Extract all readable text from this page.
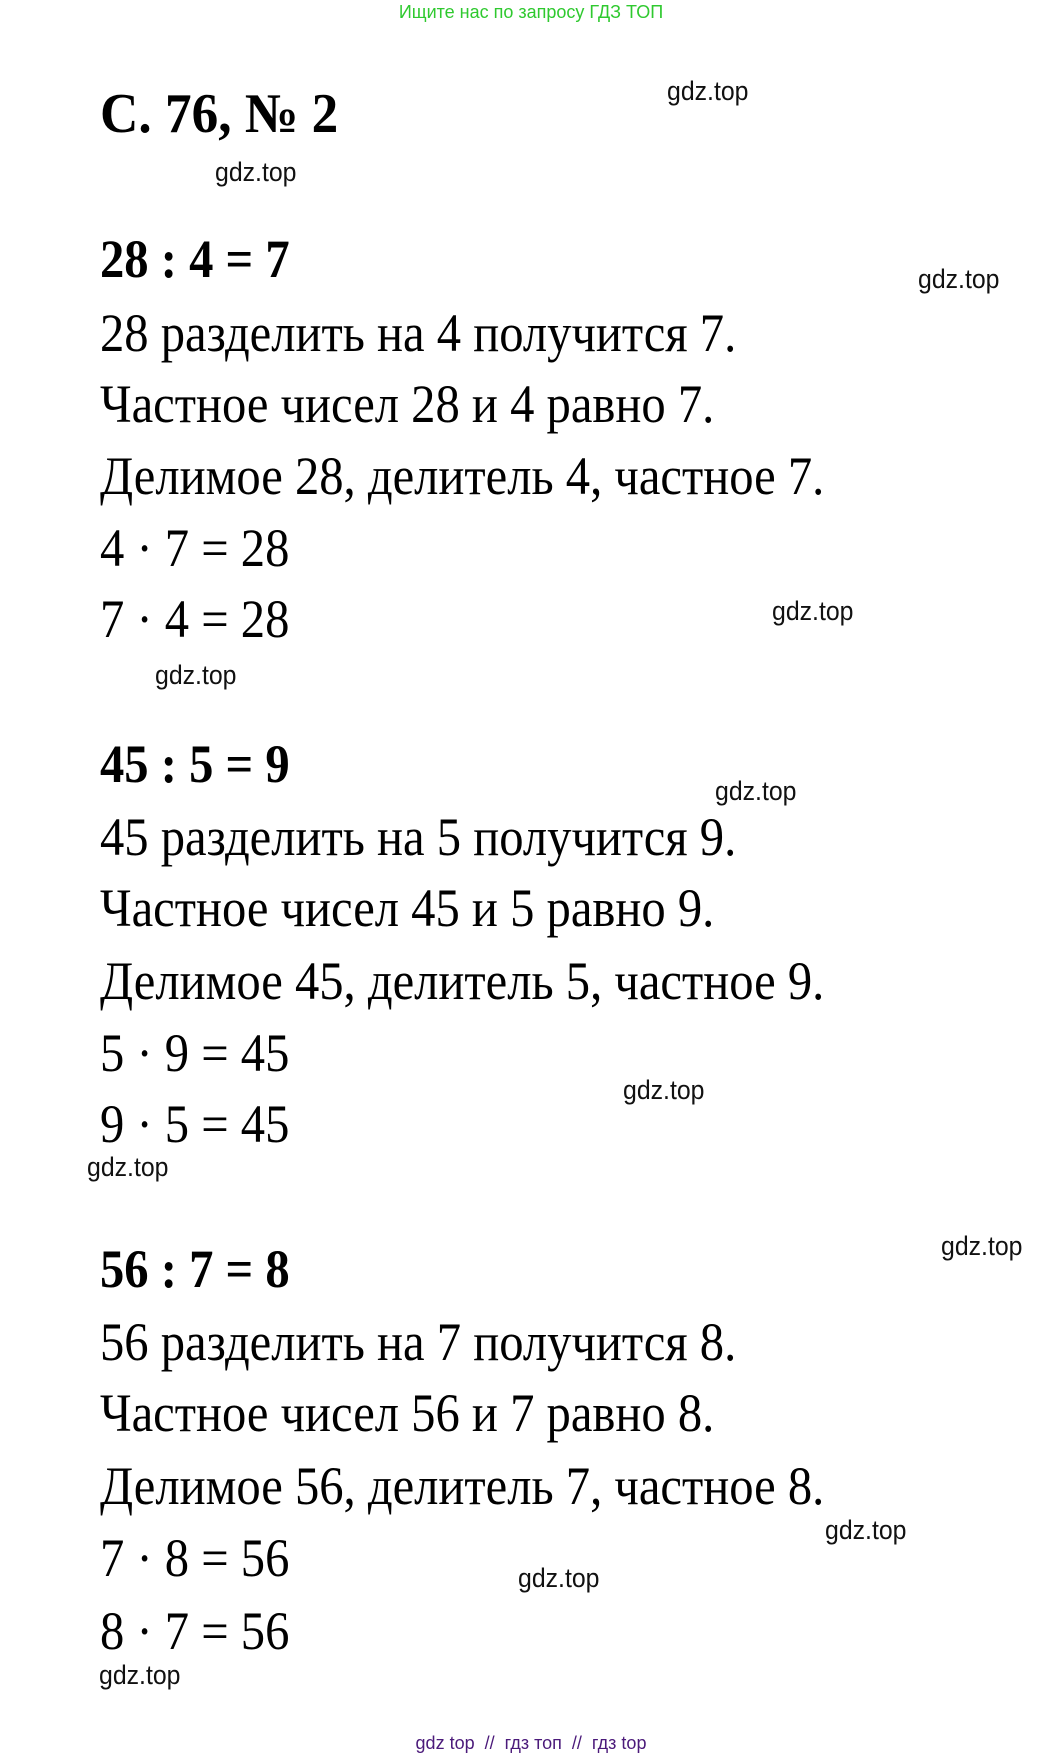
Ищите нас по запросу ГДЗ ТОП
С. 76, № 2
28 : 4 = 7
28 разделить на 4 получится 7.
Частное чисел 28 и 4 равно 7.
Делимое 28, делитель 4, частное 7.
4 · 7 = 28
7 · 4 = 28
45 : 5 = 9
45 разделить на 5 получится 9.
Частное чисел 45 и 5 равно 9.
Делимое 45, делитель 5, частное 9.
5 · 9 = 45
9 · 5 = 45
56 : 7 = 8
56 разделить на 7 получится 8.
Частное чисел 56 и 7 равно 8.
Делимое 56, делитель 7, частное 8.
7 · 8 = 56
8 · 7 = 56
gdz.top
gdz.top
gdz.top
gdz.top
gdz.top
gdz.top
gdz.top
gdz.top
gdz.top
gdz.top
gdz.top
gdz.top
gdz top  //  гдз топ  //  гдз top
